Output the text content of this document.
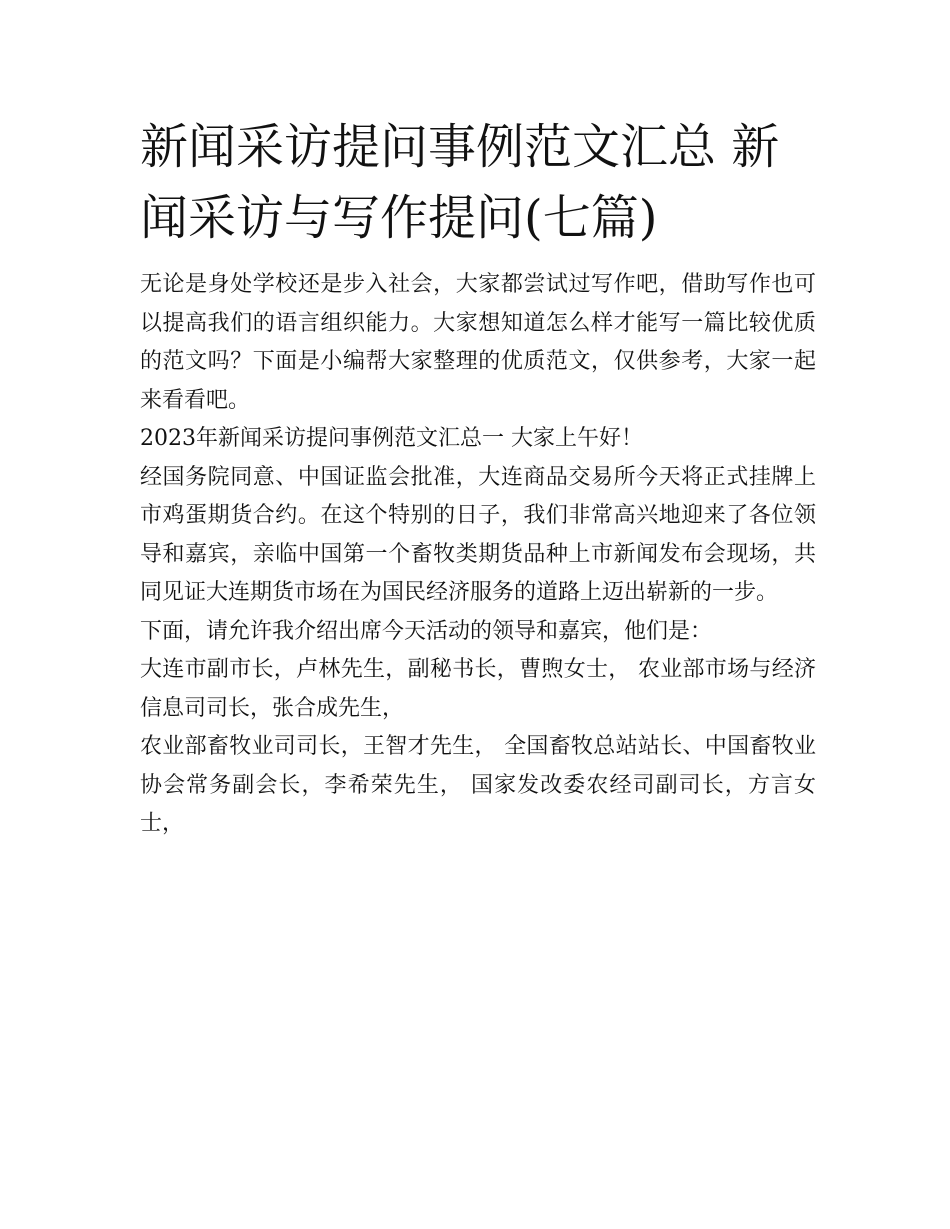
新闻采访提问事例范文汇总 新闻采访与写作提问(七篇)

无论是身处学校还是步入社会，大家都尝试过写作吧，借助写作也可以提高我们的语言组织能力。大家想知道怎么样才能写一篇比较优质的范文吗？下面是小编帮大家整理的优质范文，仅供参考，大家一起来看看吧。

2023年新闻采访提问事例范文汇总一 大家上午好！

经国务院同意、中国证监会批准，大连商品交易所今天将正式挂牌上市鸡蛋期货合约。在这个特别的日子，我们非常高兴地迎来了各位领导和嘉宾，亲临中国第一个畜牧类期货品种上市新闻发布会现场，共同见证大连期货市场在为国民经济服务的道路上迈出崭新的一步。

下面，请允许我介绍出席今天活动的领导和嘉宾，他们是：

大连市副市长，卢林先生，副秘书长，曹煦女士， 农业部市场与经济信息司司长，张合成先生，

农业部畜牧业司司长，王智才先生， 全国畜牧总站站长、中国畜牧业协会常务副会长，李希荣先生， 国家发改委农经司副司长，方言女士，
